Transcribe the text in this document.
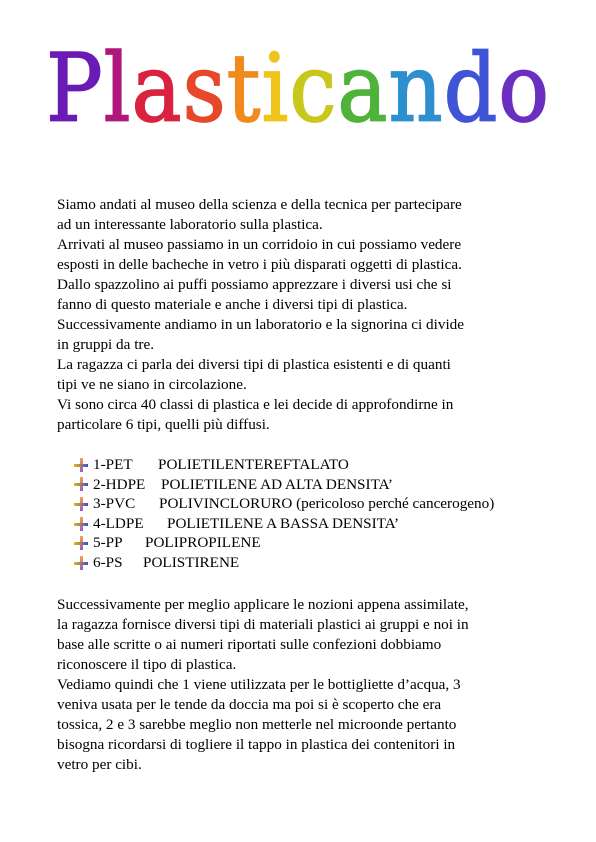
Plasticando

Siamo andati al museo della scienza e della tecnica per partecipare

ad un interessante laboratorio sulla plastica.

Arrivati al museo passiamo in un corridoio in cui possiamo vedere

esposti in delle bacheche in vetro i più disparati oggetti di plastica.

Dallo spazzolino ai puffi possiamo apprezzare i diversi usi che si

fanno di questo materiale e anche i diversi tipi di plastica.

Successivamente andiamo in un laboratorio e la signorina ci divide

in gruppi da tre.

La ragazza ci parla dei diversi tipi di plastica esistenti e di quanti

tipi ve ne siano in circolazione.

Vi sono circa 40 classi di plastica e lei decide di approfondirne in

particolare 6 tipi, quelli più diffusi.

1-PET	POLIETILENTEREFTALATO
2-HDPE	POLIETILENE AD ALTA DENSITA’
3-PVC	POLIVINCLORURO (pericoloso perché cancerogeno)
4-LDPE	POLIETILENE A BASSA DENSITA’
5-PP	POLIPROPILENE
6-PS	POLISTIRENE

Successivamente per meglio applicare le nozioni appena assimilate,

la ragazza fornisce diversi tipi di materiali plastici ai gruppi e noi in

base alle scritte o ai numeri riportati sulle confezioni dobbiamo

riconoscere il tipo di plastica.

Vediamo quindi che 1 viene utilizzata per le bottigliette d’acqua, 3

veniva usata per le tende da doccia ma poi si è scoperto che era

tossica, 2 e 3 sarebbe meglio non metterle nel microonde pertanto

bisogna ricordarsi di togliere il tappo in plastica dei contenitori in

vetro per cibi.
